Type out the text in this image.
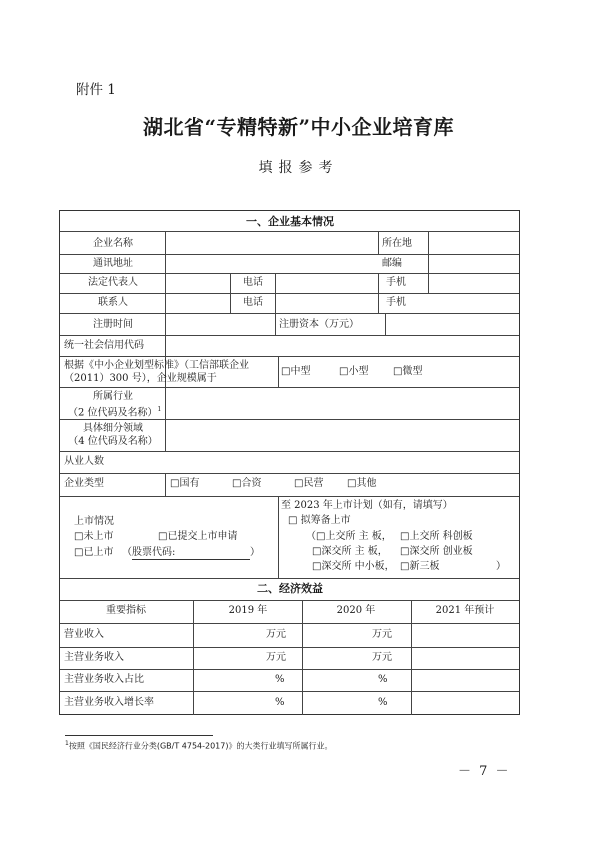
附件 1
湖北省“专精特新”中小企业培育库
填报参考
一、企业基本情况
企业名称	所在地
通讯地址	邮编
法定代表人	电话	手机
联系人	电话	手机
注册时间	注册资本（万元）
统一社会信用代码
根据《中小企业划型标准》（工信部联企业
（2011）300 号），企业规模属于
□中型	□小型 □微型
所属行业
（2 位代码及名称）$^1$
具体细分领域
（4 位代码及名称）
从业人数
企业类型	□国有	□合资	□民营 □其他
上市情况
□未上市	□已提交上市申请
□已上市 （股票代码:	）
至 2023 年上市计划（如有，请填写）
□ 拟筹备上市
（□上交所 主 板， □上交所 科创板
□深交所 主 板， □深交所 创业板
□深交所 中小板， □新三板	）
二、经济效益
重要指标	2019 年	2020 年	2021 年预计
营业收入	万元	万元
主营业务收入	万元	万元
主营业务收入占比	%	%
主营业务收入增长率	%	%
$^1$按照《国民经济行业分类(GB/T 4754-2017)》的大类行业填写所属行业。
－ 7 －
